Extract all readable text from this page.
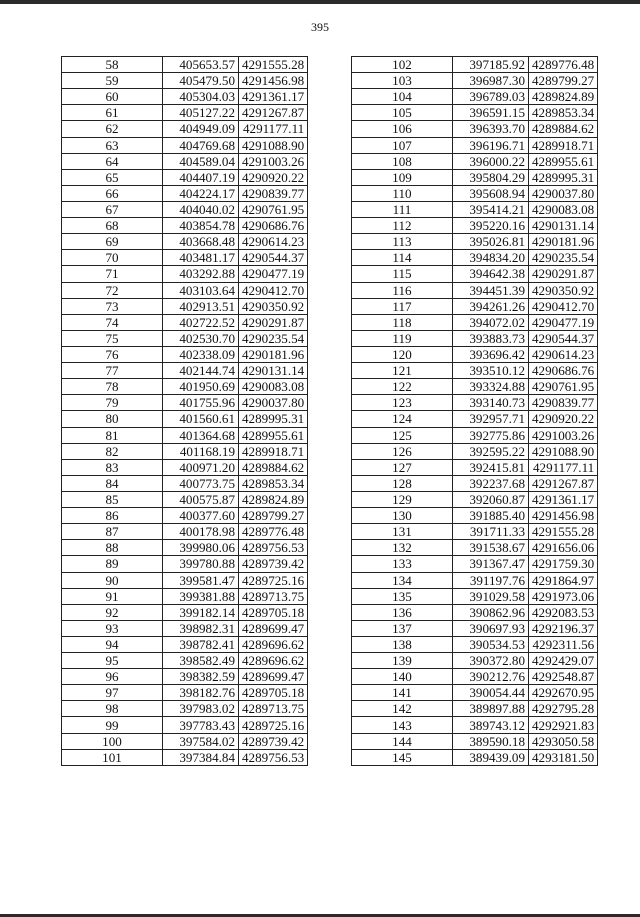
395
58	405653.57	4291555.28
59	405479.50	4291456.98
60	405304.03	4291361.17
61	405127.22	4291267.87
62	404949.09	4291177.11
63	404769.68	4291088.90
64	404589.04	4291003.26
65	404407.19	4290920.22
66	404224.17	4290839.77
67	404040.02	4290761.95
68	403854.78	4290686.76
69	403668.48	4290614.23
70	403481.17	4290544.37
71	403292.88	4290477.19
72	403103.64	4290412.70
73	402913.51	4290350.92
74	402722.52	4290291.87
75	402530.70	4290235.54
76	402338.09	4290181.96
77	402144.74	4290131.14
78	401950.69	4290083.08
79	401755.96	4290037.80
80	401560.61	4289995.31
81	401364.68	4289955.61
82	401168.19	4289918.71
83	400971.20	4289884.62
84	400773.75	4289853.34
85	400575.87	4289824.89
86	400377.60	4289799.27
87	400178.98	4289776.48
88	399980.06	4289756.53
89	399780.88	4289739.42
90	399581.47	4289725.16
91	399381.88	4289713.75
92	399182.14	4289705.18
93	398982.31	4289699.47
94	398782.41	4289696.62
95	398582.49	4289696.62
96	398382.59	4289699.47
97	398182.76	4289705.18
98	397983.02	4289713.75
99	397783.43	4289725.16
100	397584.02	4289739.42
101	397384.84	4289756.53
102	397185.92	4289776.48
103	396987.30	4289799.27
104	396789.03	4289824.89
105	396591.15	4289853.34
106	396393.70	4289884.62
107	396196.71	4289918.71
108	396000.22	4289955.61
109	395804.29	4289995.31
110	395608.94	4290037.80
111	395414.21	4290083.08
112	395220.16	4290131.14
113	395026.81	4290181.96
114	394834.20	4290235.54
115	394642.38	4290291.87
116	394451.39	4290350.92
117	394261.26	4290412.70
118	394072.02	4290477.19
119	393883.73	4290544.37
120	393696.42	4290614.23
121	393510.12	4290686.76
122	393324.88	4290761.95
123	393140.73	4290839.77
124	392957.71	4290920.22
125	392775.86	4291003.26
126	392595.22	4291088.90
127	392415.81	4291177.11
128	392237.68	4291267.87
129	392060.87	4291361.17
130	391885.40	4291456.98
131	391711.33	4291555.28
132	391538.67	4291656.06
133	391367.47	4291759.30
134	391197.76	4291864.97
135	391029.58	4291973.06
136	390862.96	4292083.53
137	390697.93	4292196.37
138	390534.53	4292311.56
139	390372.80	4292429.07
140	390212.76	4292548.87
141	390054.44	4292670.95
142	389897.88	4292795.28
143	389743.12	4292921.83
144	389590.18	4293050.58
145	389439.09	4293181.50
